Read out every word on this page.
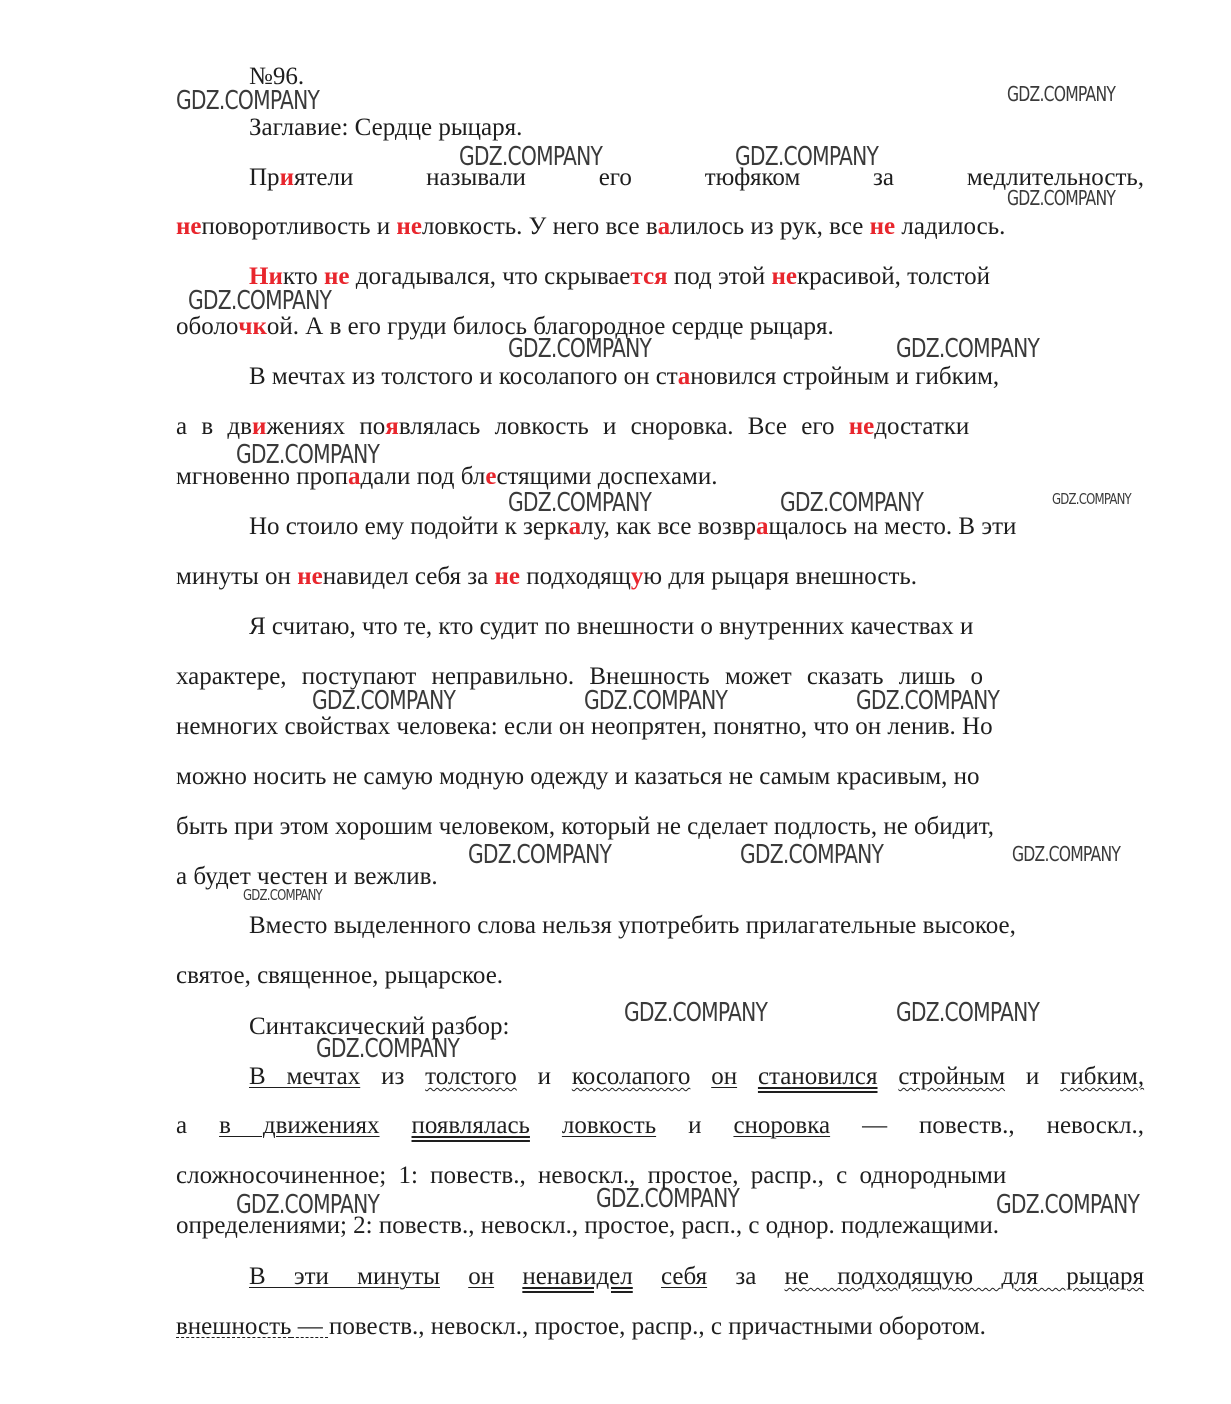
GDZ.COMPANY	GDZ.COMPANY
GDZ.COMPANY	GDZ.COMPANY
GDZ.COMPANY
GDZ.COMPANY
GDZ.COMPANY	GDZ.COMPANY
GDZ.COMPANY
GDZ.COMPANY	GDZ.COMPANY	GDZ.COMPANY
GDZ.COMPANY	GDZ.COMPANY	GDZ.COMPANY
GDZ.COMPANY	GDZ.COMPANY	GDZ.COMPANY
GDZ.COMPANY
GDZ.COMPANY	GDZ.COMPANY
GDZ.COMPANY
GDZ.COMPANY	GDZ.COMPANY	GDZ.COMPANY
№96.
Заглавие: Сердце рыцаря.
Приятели	называли	его	тюфяком	за	медлительность,
неповоротливость и неловкость. У него все валилось из рук, все не ладилось.
Никто не догадывался, что скрывается под этой некрасивой, толстой
оболочкой. А в его груди билось благородное сердце рыцаря.
В мечтах из толстого и косолапого он становился стройным и гибким,
а в движениях появлялась ловкость и сноровка. Все его недостатки
мгновенно пропадали под блестящими доспехами.
Но стоило ему подойти к зеркалу, как все возвращалось на место. В эти
минуты он ненавидел себя за не подходящую для рыцаря внешность.
Я считаю, что те, кто судит по внешности о внутренних качествах и
характере, поступают неправильно. Внешность может сказать лишь о
немногих свойствах человека: если он неопрятен, понятно, что он ленив. Но
можно носить не самую модную одежду и казаться не самым красивым, но
быть при этом хорошим человеком, который не сделает подлость, не обидит,
а будет честен и вежлив.
Вместо выделенного слова нельзя употребить прилагательные высокое,
святое, священное, рыцарское.
Синтаксический разбор:
В мечтах из толстого и косолапого он становился стройным и гибким,
а в движениях появлялась ловкость и сноровка — повеств., невоскл.,
сложносочиненное; 1: повеств., невоскл., простое, распр., с однородными
определениями; 2: повеств., невоскл., простое, расп., с однор. подлежащими.
В эти минуты он ненавидел себя за не подходящую для рыцаря
внешность — повеств., невоскл., простое, распр., с причастными оборотом.
